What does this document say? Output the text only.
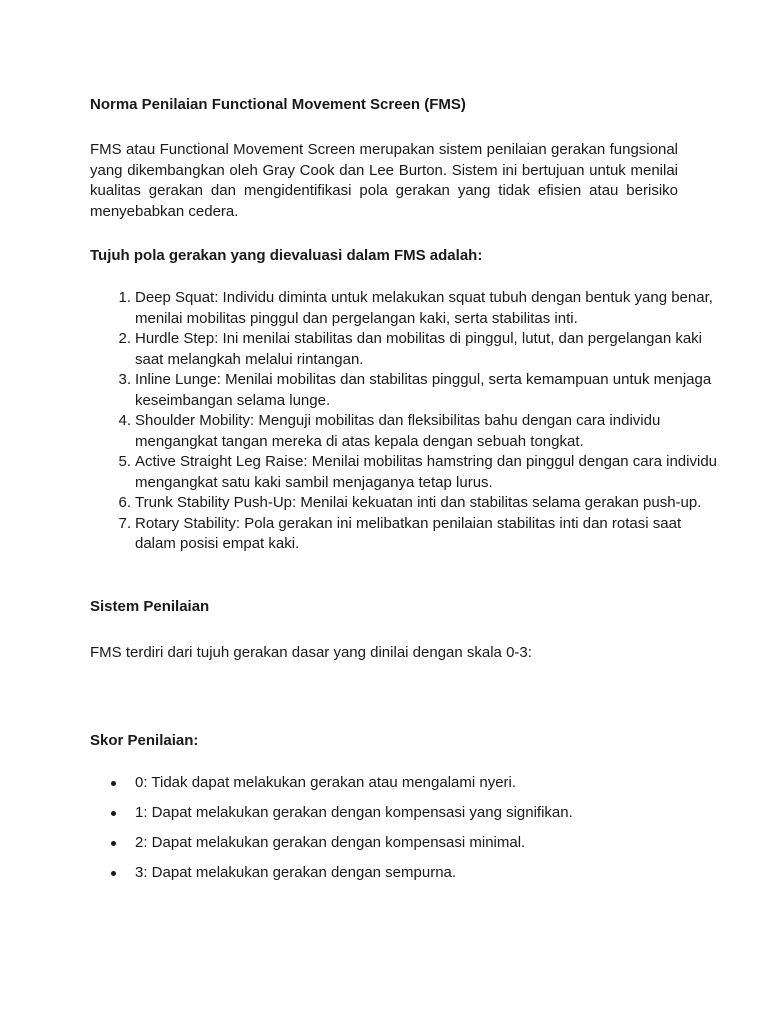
Norma Penilaian Functional Movement Screen (FMS)
FMS atau Functional Movement Screen merupakan sistem penilaian gerakan fungsional yang dikembangkan oleh Gray Cook dan Lee Burton. Sistem ini bertujuan untuk menilai kualitas gerakan dan mengidentifikasi pola gerakan yang tidak efisien atau berisiko menyebabkan cedera.
Tujuh pola gerakan yang dievaluasi dalam FMS adalah:
1. Deep Squat: Individu diminta untuk melakukan squat tubuh dengan bentuk yang benar, menilai mobilitas pinggul dan pergelangan kaki, serta stabilitas inti.
2. Hurdle Step: Ini menilai stabilitas dan mobilitas di pinggul, lutut, dan pergelangan kaki saat melangkah melalui rintangan.
3. Inline Lunge: Menilai mobilitas dan stabilitas pinggul, serta kemampuan untuk menjaga keseimbangan selama lunge.
4. Shoulder Mobility: Menguji mobilitas dan fleksibilitas bahu dengan cara individu mengangkat tangan mereka di atas kepala dengan sebuah tongkat.
5. Active Straight Leg Raise: Menilai mobilitas hamstring dan pinggul dengan cara individu mengangkat satu kaki sambil menjaganya tetap lurus.
6. Trunk Stability Push-Up: Menilai kekuatan inti dan stabilitas selama gerakan push-up.
7. Rotary Stability: Pola gerakan ini melibatkan penilaian stabilitas inti dan rotasi saat dalam posisi empat kaki.
Sistem Penilaian
FMS terdiri dari tujuh gerakan dasar yang dinilai dengan skala 0-3:
Skor Penilaian:
0: Tidak dapat melakukan gerakan atau mengalami nyeri.
1: Dapat melakukan gerakan dengan kompensasi yang signifikan.
2: Dapat melakukan gerakan dengan kompensasi minimal.
3: Dapat melakukan gerakan dengan sempurna.
